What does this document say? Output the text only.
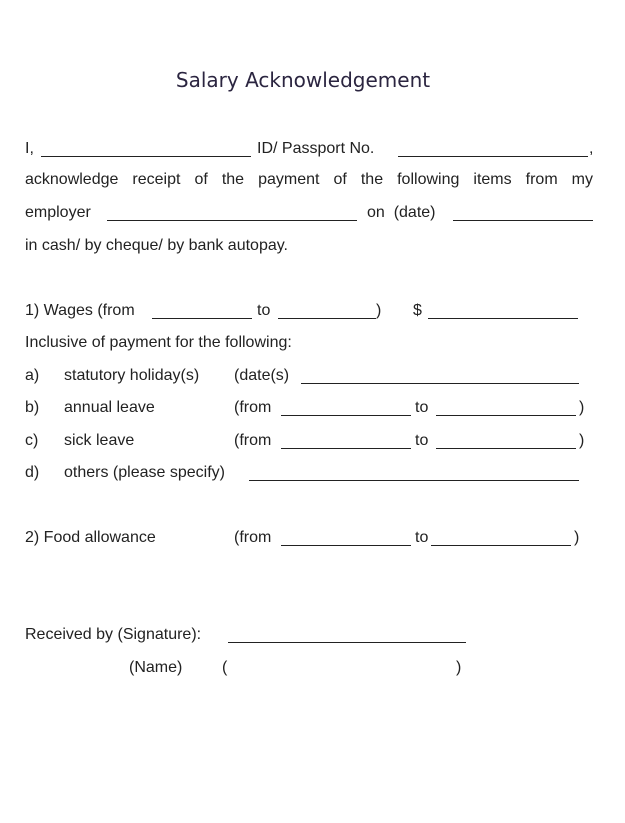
Salary Acknowledgement
I,	ID/ Passport No.	,
acknowledge receipt of the payment of the following items from my
employer	on  (date)
in cash/ by cheque/ by bank autopay.
1) Wages (from	to	) $
Inclusive of payment for the following:
a) statutory holiday(s) (date(s)
b) annual leave	(from	to	)
c) sick leave	(from	to	)
d) others (please specify)
2) Food allowance	(from	to	)
Received by (Signature):
(Name) (	)
